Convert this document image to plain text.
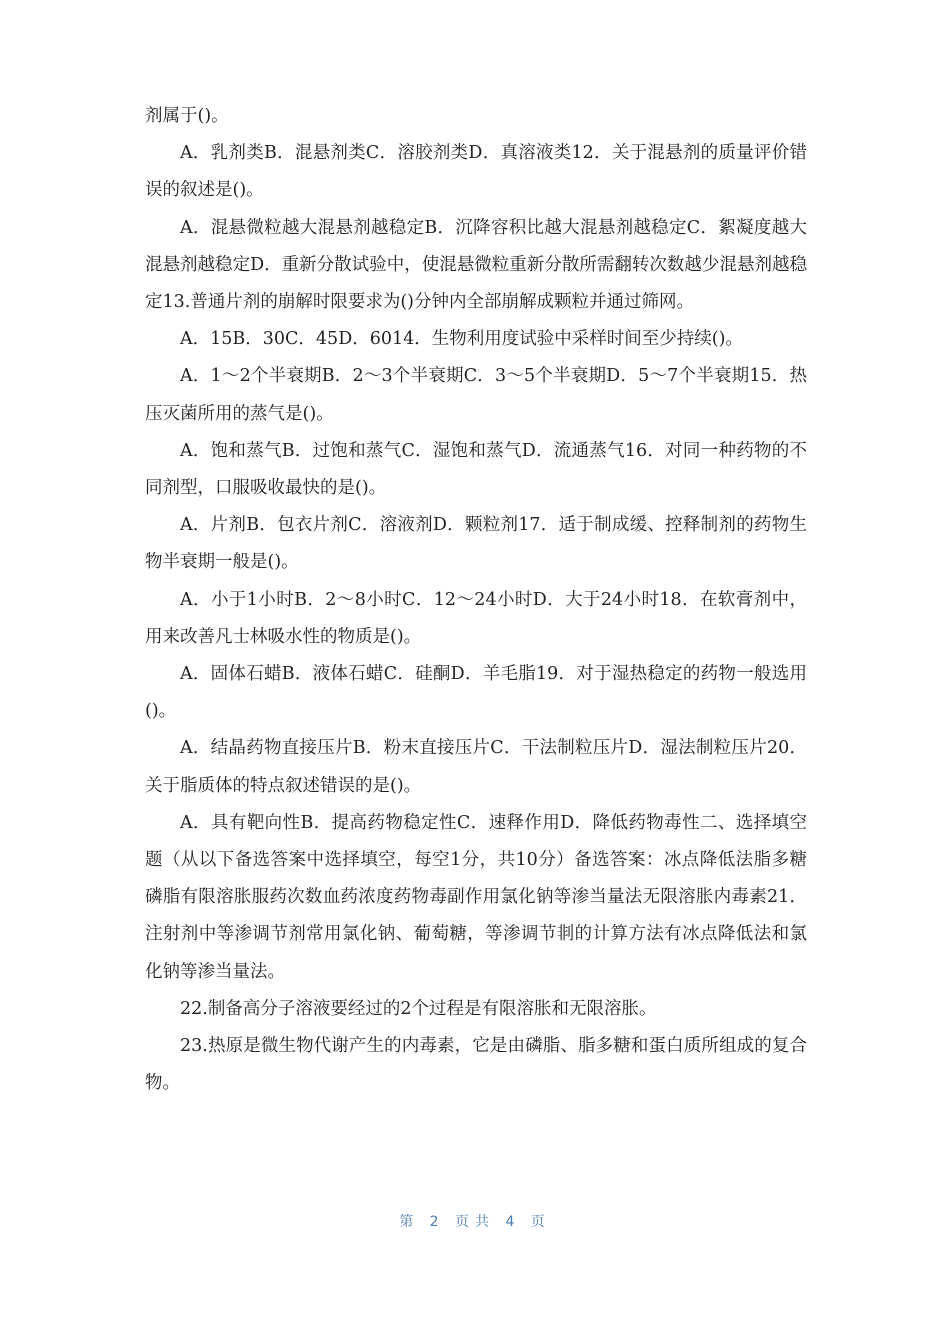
剂属于()。

A．乳剂类B．混悬剂类C．溶胶剂类D．真溶液类12．关于混悬剂的质量评价错误的叙述是()。

A．混悬微粒越大混悬剂越稳定B．沉降容积比越大混悬剂越稳定C．絮凝度越大混悬剂越稳定D．重新分散试验中，使混悬微粒重新分散所需翻转次数越少混悬剂越稳定13.普通片剂的崩解时限要求为()分钟内全部崩解成颗粒并通过筛网。

A．15B．30C．45D．6014．生物利用度试验中采样时间至少持续()。

A．1～2个半衰期B．2～3个半衰期C．3～5个半衰期D．5～7个半衰期15．热压灭菌所用的蒸气是()。

A．饱和蒸气B．过饱和蒸气C．湿饱和蒸气D．流通蒸气16．对同一种药物的不同剂型，口服吸收最快的是()。

A．片剂B．包衣片剂C．溶液剂D．颗粒剂17．适于制成缓、控释制剂的药物生物半衰期一般是()。

A．小于1小时B．2～8小时C．12～24小时D．大于24小时18．在软膏剂中，用来改善凡士林吸水性的物质是()。

A．固体石蜡B．液体石蜡C．硅酮D．羊毛脂19．对于湿热稳定的药物一般选用()。

A．结晶药物直接压片B．粉末直接压片C．干法制粒压片D．湿法制粒压片20．关于脂质体的特点叙述错误的是()。

A．具有靶向性B．提高药物稳定性C．速释作用D．降低药物毒性二、选择填空题（从以下备选答案中选择填空，每空1分，共10分）备选答案：冰点降低法脂多糖磷脂有限溶胀服药次数血药浓度药物毒副作用氯化钠等渗当量法无限溶胀内毒素21．注射剂中等渗调节剂常用氯化钠、葡萄糖，等渗调节剕的计算方法有冰点降低法和氯化钠等渗当量法。

22.制备高分子溶液要经过的2个过程是有限溶胀和无限溶胀。

23.热原是微生物代谢产生的内毒素，它是由磷脂、脂多糖和蛋白质所组成的复合物。

第 2 页共 4 页
